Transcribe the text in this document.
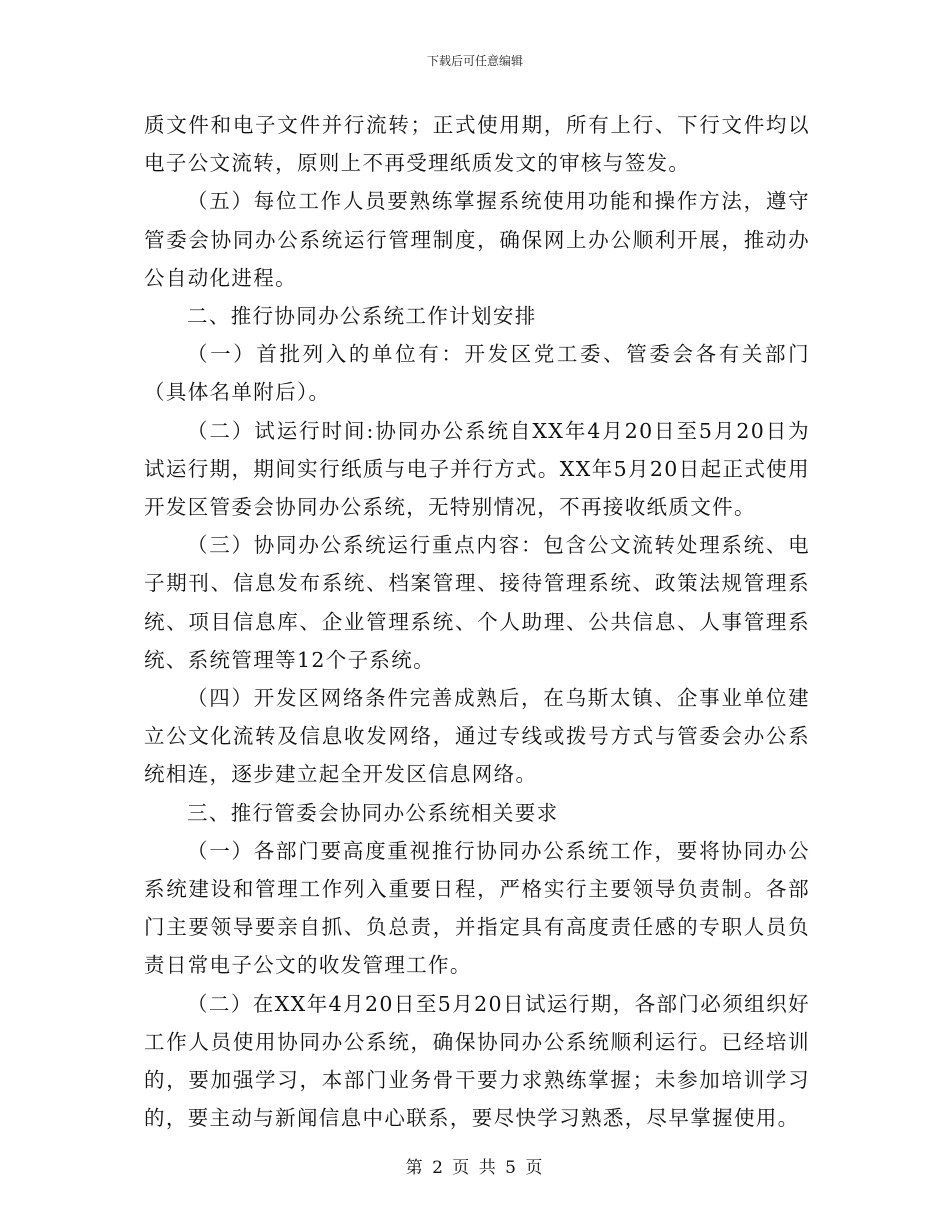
下载后可任意编辑

质文件和电子文件并行流转；正式使用期，所有上行、下行文件均以电子公文流转，原则上不再受理纸质发文的审核与签发。

（五）每位工作人员要熟练掌握系统使用功能和操作方法，遵守管委会协同办公系统运行管理制度，确保网上办公顺利开展，推动办公自动化进程。

二、推行协同办公系统工作计划安排

（一）首批列入的单位有：开发区党工委、管委会各有关部门（具体名单附后）。

（二）试运行时间:协同办公系统自XX年4月20日至5月20日为试运行期，期间实行纸质与电子并行方式。XX年5月20日起正式使用开发区管委会协同办公系统，无特别情况，不再接收纸质文件。

（三）协同办公系统运行重点内容：包含公文流转处理系统、电子期刊、信息发布系统、档案管理、接待管理系统、政策法规管理系统、项目信息库、企业管理系统、个人助理、公共信息、人事管理系统、系统管理等12个子系统。

（四）开发区网络条件完善成熟后，在乌斯太镇、企事业单位建立公文化流转及信息收发网络，通过专线或拨号方式与管委会办公系统相连，逐步建立起全开发区信息网络。

三、推行管委会协同办公系统相关要求

（一）各部门要高度重视推行协同办公系统工作，要将协同办公系统建设和管理工作列入重要日程，严格实行主要领导负责制。各部门主要领导要亲自抓、负总责，并指定具有高度责任感的专职人员负责日常电子公文的收发管理工作。

（二）在XX年4月20日至5月20日试运行期，各部门必须组织好工作人员使用协同办公系统，确保协同办公系统顺利运行。已经培训的，要加强学习，本部门业务骨干要力求熟练掌握；未参加培训学习的，要主动与新闻信息中心联系，要尽快学习熟悉，尽早掌握使用。

第 2 页 共 5 页
